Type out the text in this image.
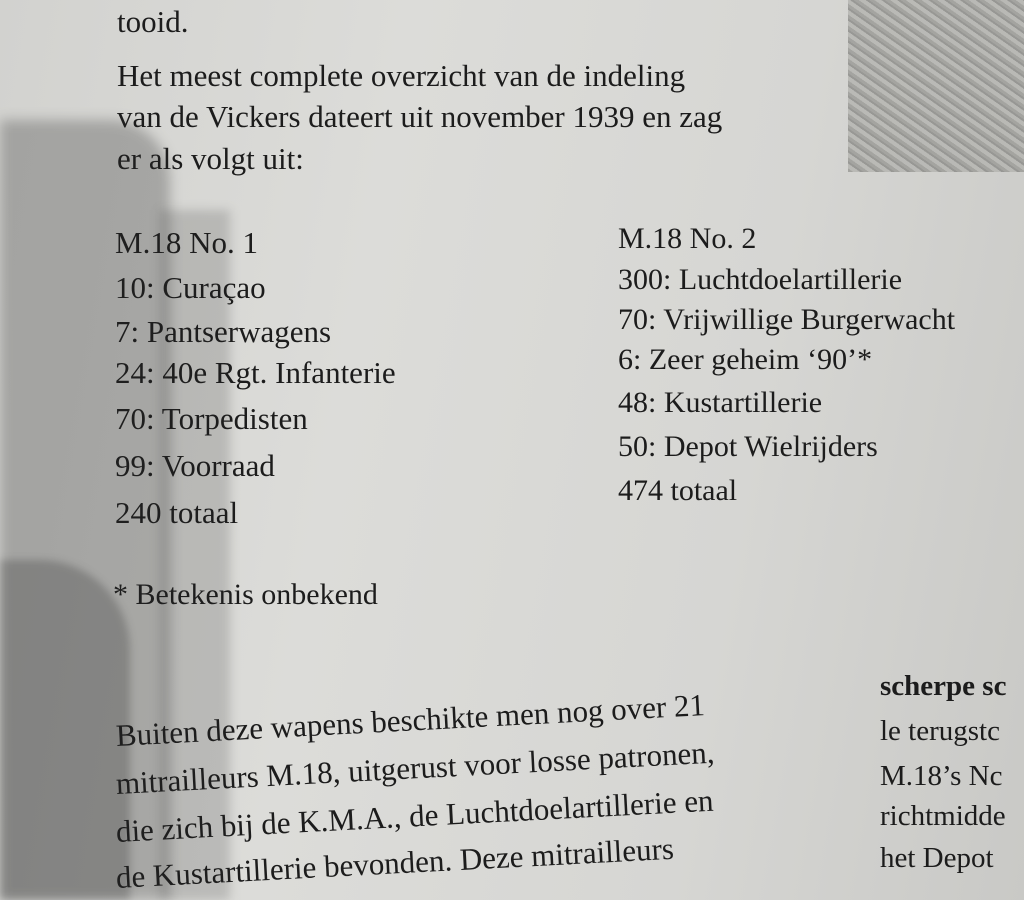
tooid.
Het meest complete overzicht van de indeling
van de Vickers dateert uit november 1939 en zag
er als volgt uit:
M.18 No. 1
10: Curaçao
7: Pantserwagens
24: 40e Rgt. Infanterie
70: Torpedisten
99: Voorraad
240 totaal
M.18 No. 2
300: Luchtdoelartillerie
70: Vrijwillige Burgerwacht
6: Zeer geheim ‘90’*
48: Kustartillerie
50: Depot Wielrijders
474 totaal
* Betekenis onbekend
Buiten deze wapens beschikte men nog over 21
mitrailleurs M.18, uitgerust voor losse patronen,
die zich bij de K.M.A., de Luchtdoelartillerie en
de Kustartillerie bevonden. Deze mitrailleurs
scherpe sc
le terugstc
M.18’s Nc
richtmidde
het Depot
